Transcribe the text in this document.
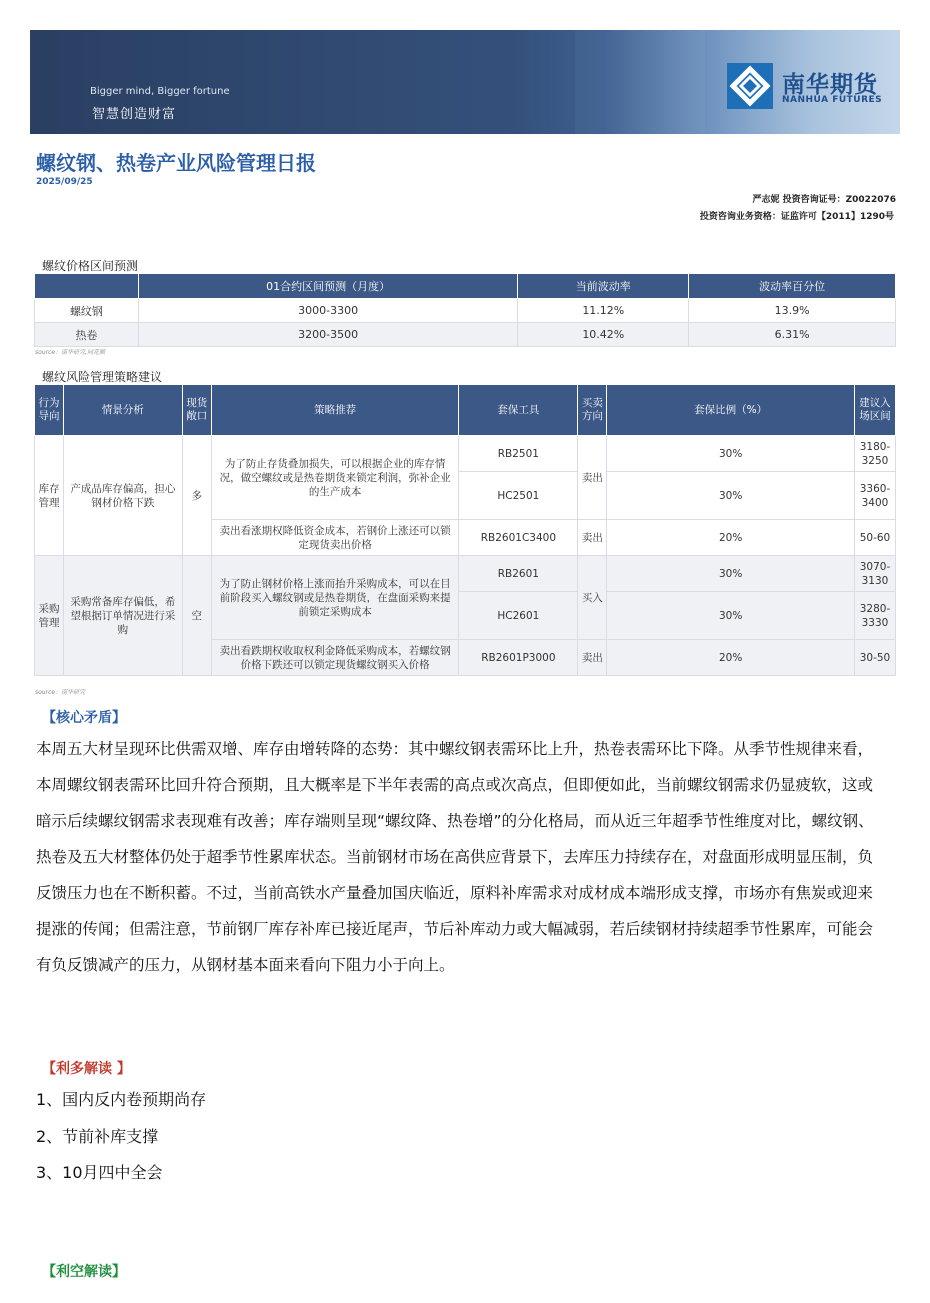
Bigger mind, Bigger fortune
智慧创造财富
南华期货
NANHUA FUTURES
螺纹钢、热卷产业风险管理日报
2025/09/25
严志妮 投资咨询证号：Z0022076
投资咨询业务资格：证监许可【2011】1290号
螺纹价格区间预测
	01合约区间预测（月度）	当前波动率	波动率百分位
螺纹钢	3000-3300	11.12%	13.9%
热卷	3200-3500	10.42%	6.31%
source：南华研究,同花顺
螺纹风险管理策略建议
行为导向	情景分析	现货敞口	策略推荐	套保工具	买卖方向	套保比例（%）	建议入场区间
库存管理	产成品库存偏高，担心钢材价格下跌	多	为了防止存货叠加损失，可以根据企业的库存情况，做空螺纹或是热卷期货来锁定利润，弥补企业的生产成本	RB2501	卖出	30%	3180-3250
				HC2501		30%	3360-3400
			卖出看涨期权降低资金成本，若钢价上涨还可以锁定现货卖出价格	RB2601C3400	卖出	20%	50-60
采购管理	采购常备库存偏低，希望根据订单情况进行采购	空	为了防止钢材价格上涨而抬升采购成本，可以在目前阶段买入螺纹钢或是热卷期货，在盘面采购来提前锁定采购成本	RB2601	买入	30%	3070-3130
				HC2601		30%	3280-3330
			卖出看跌期权收取权利金降低采购成本，若螺纹钢价格下跌还可以锁定现货螺纹钢买入价格	RB2601P3000	卖出	20%	30-50
source：南华研究
【核心矛盾】
本周五大材呈现环比供需双增、库存由增转降的态势：其中螺纹钢表需环比上升，热卷表需环比下降。从季节性规律来看，本周螺纹钢表需环比回升符合预期，且大概率是下半年表需的高点或次高点，但即便如此，当前螺纹钢需求仍显疲软，这或暗示后续螺纹钢需求表现难有改善；库存端则呈现“螺纹降、热卷增”的分化格局，而从近三年超季节性维度对比，螺纹钢、热卷及五大材整体仍处于超季节性累库状态。当前钢材市场在高供应背景下，去库压力持续存在，对盘面形成明显压制，负反馈压力也在不断积蓄。不过，当前高铁水产量叠加国庆临近，原料补库需求对成材成本端形成支撑，市场亦有焦炭或迎来提涨的传闻；但需注意，节前钢厂库存补库已接近尾声，节后补库动力或大幅减弱，若后续钢材持续超季节性累库，可能会有负反馈减产的压力，从钢材基本面来看向下阻力小于向上。
【利多解读 】
1、国内反内卷预期尚存
2、节前补库支撑
3、10月四中全会
【利空解读】
